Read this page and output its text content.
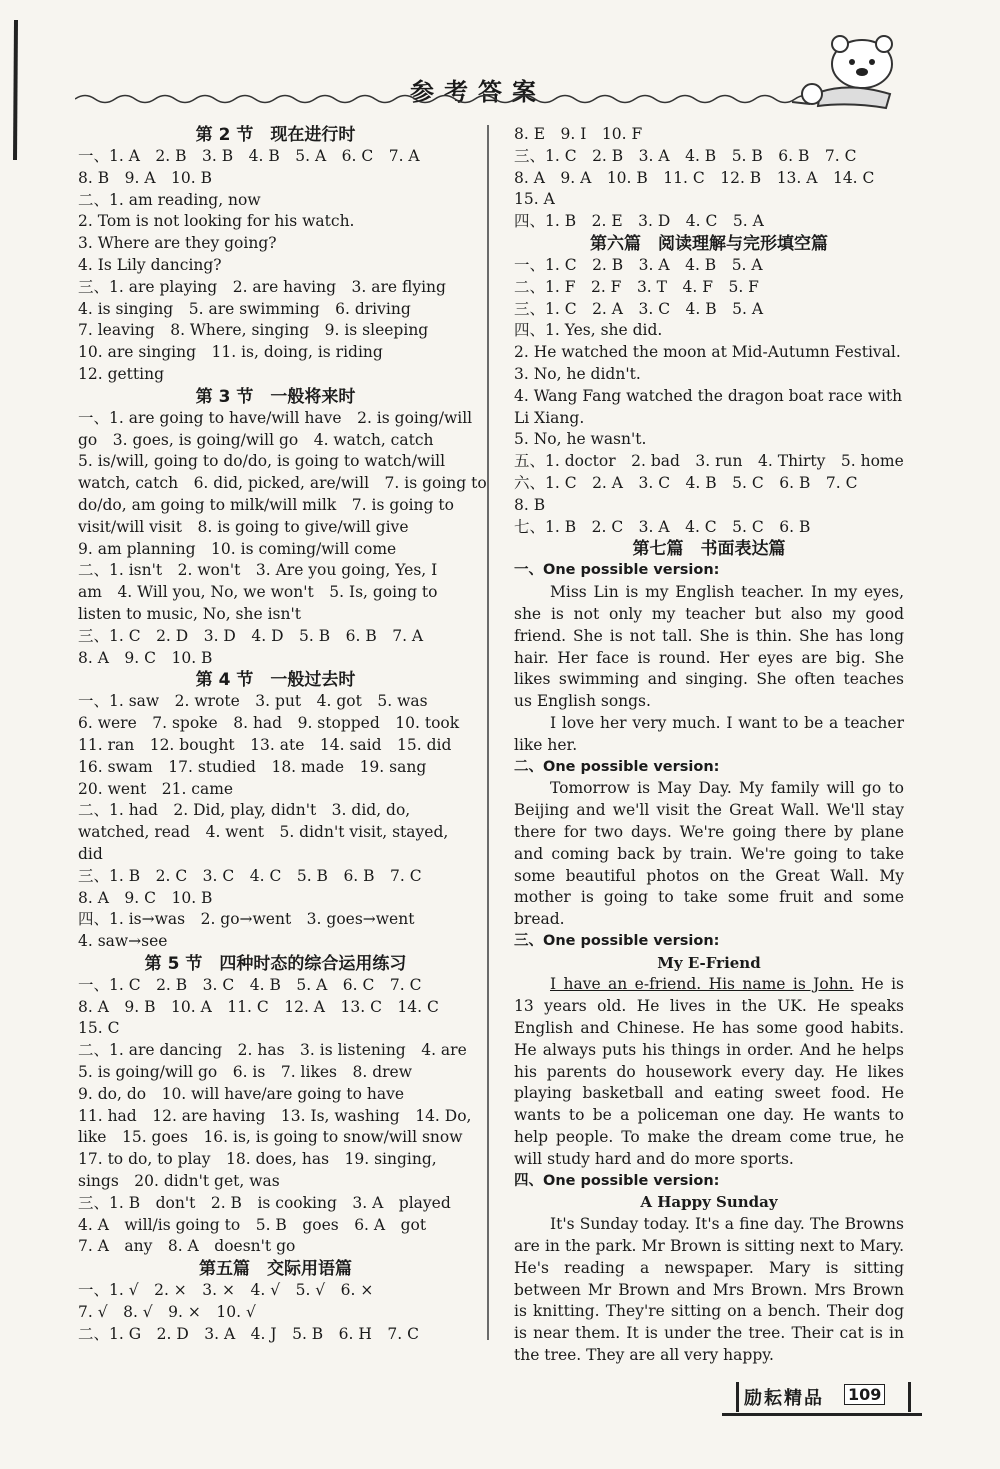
参考答案
第 2 节　现在进行时
一、1. A　2. B　3. B　4. B　5. A　6. C　7. A
8. B　9. A　10. B
二、1. am reading, now
2. Tom is not looking for his watch.
3. Where are they going?
4. Is Lily dancing?
三、1. are playing　2. are having　3. are flying
4. is singing　5. are swimming　6. driving
7. leaving　8. Where, singing　9. is sleeping
10. are singing　11. is, doing, is riding
12. getting
第 3 节　一般将来时
一、1. are going to have/will have　2. is going/will
go　3. goes, is going/will go　4. watch, catch
5. is/will, going to do/do, is going to watch/will
watch, catch　6. did, picked, are/will　7. is going to
do/do, am going to milk/will milk　7. is going to
visit/will visit　8. is going to give/will give
9. am planning　10. is coming/will come
二、1. isn't　2. won't　3. Are you going, Yes, I
am　4. Will you, No, we won't　5. Is, going to
listen to music, No, she isn't
三、1. C　2. D　3. D　4. D　5. B　6. B　7. A
8. A　9. C　10. B
第 4 节　一般过去时
一、1. saw　2. wrote　3. put　4. got　5. was
6. were　7. spoke　8. had　9. stopped　10. took
11. ran　12. bought　13. ate　14. said　15. did
16. swam　17. studied　18. made　19. sang
20. went　21. came
二、1. had　2. Did, play, didn't　3. did, do,
watched, read　4. went　5. didn't visit, stayed,
did
三、1. B　2. C　3. C　4. C　5. B　6. B　7. C
8. A　9. C　10. B
四、1. is→was　2. go→went　3. goes→went
4. saw→see
第 5 节　四种时态的综合运用练习
一、1. C　2. B　3. C　4. B　5. A　6. C　7. C
8. A　9. B　10. A　11. C　12. A　13. C　14. C
15. C
二、1. are dancing　2. has　3. is listening　4. are
5. is going/will go　6. is　7. likes　8. drew
9. do, do　10. will have/are going to have
11. had　12. are having　13. Is, washing　14. Do,
like　15. goes　16. is, is going to snow/will snow
17. to do, to play　18. does, has　19. singing,
sings　20. didn't get, was
三、1. B　don't　2. B　is cooking　3. A　played
4. A　will/is going to　5. B　goes　6. A　got
7. A　any　8. A　doesn't go
第五篇　交际用语篇
一、1. √　2. ×　3. ×　4. √　5. √　6. ×
7. √　8. √　9. ×　10. √
二、1. G　2. D　3. A　4. J　5. B　6. H　7. C
8. E　9. I　10. F
三、1. C　2. B　3. A　4. B　5. B　6. B　7. C
8. A　9. A　10. B　11. C　12. B　13. A　14. C
15. A
四、1. B　2. E　3. D　4. C　5. A
第六篇　阅读理解与完形填空篇
一、1. C　2. B　3. A　4. B　5. A
二、1. F　2. F　3. T　4. F　5. F
三、1. C　2. A　3. C　4. B　5. A
四、1. Yes, she did.
2. He watched the moon at Mid-Autumn Festival.
3. No, he didn't.
4. Wang Fang watched the dragon boat race with
Li Xiang.
5. No, he wasn't.
五、1. doctor　2. bad　3. run　4. Thirty　5. home
六、1. C　2. A　3. C　4. B　5. C　6. B　7. C
8. B
七、1. B　2. C　3. A　4. C　5. C　6. B
第七篇　书面表达篇
一、One possible version:

Miss Lin is my English teacher. In my eyes, she is not only my teacher but also my good friend. She is not tall. She is thin. She has long hair. Her face is round. Her eyes are big. She likes swimming and singing. She often teaches us English songs.

I love her very much. I want to be a teacher like her.

二、One possible version:

Tomorrow is May Day. My family will go to Beijing and we'll visit the Great Wall. We'll stay there for two days. We're going there by plane and coming back by train. We're going to take some beautiful photos on the Great Wall. My mother is going to take some fruit and some bread.

三、One possible version:
My E-Friend

I have an e-friend. His name is John. He is 13 years old. He lives in the UK. He speaks English and Chinese. He has some good habits. He always puts his things in order. And he helps his parents do housework every day. He likes playing basketball and eating sweet food. He wants to be a policeman one day. He wants to help people. To make the dream come true, he will study hard and do more sports.

四、One possible version:
A Happy Sunday

It's Sunday today. It's a fine day. The Browns are in the park. Mr Brown is sitting next to Mary. He's reading a newspaper. Mary is sitting between Mr Brown and Mrs Brown. Mrs Brown is knitting. They're sitting on a bench. Their dog is near them. It is under the tree. Their cat is in the tree. They are all very happy.

励耘精品 109
